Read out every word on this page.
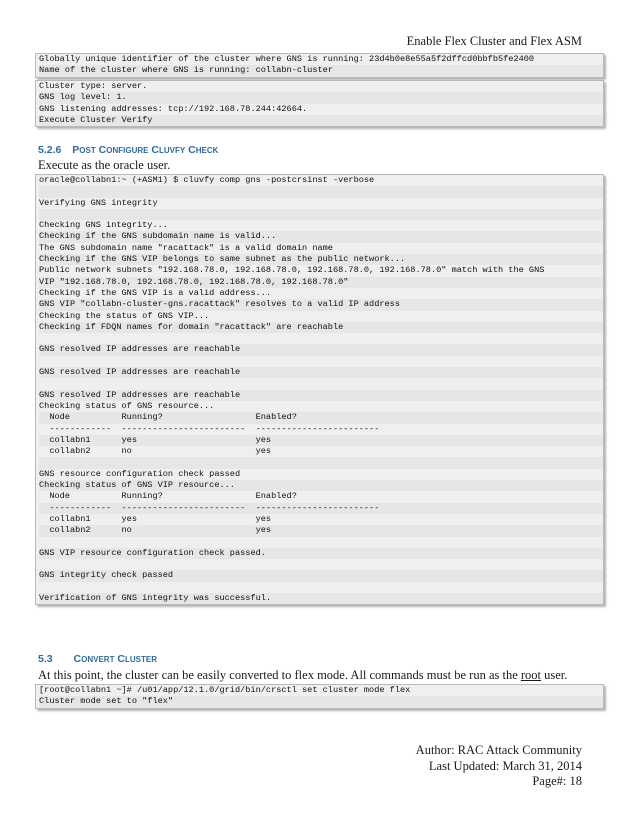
Enable Flex Cluster and Flex ASM
Globally unique identifier of the cluster where GNS is running: 23d4b0e8e55a5f2dffcd0bbfb5fe2400
Name of the cluster where GNS is running: collabn-cluster
Cluster type: server.
GNS log level: 1.
GNS listening addresses: tcp://192.168.78.244:42664.
Execute Cluster Verify
5.2.6 POST CONFIGURE CLUVFY CHECK
Execute as the oracle user.
oracle@collabn1:~ (+ASM1) $ cluvfy comp gns -postcrsinst -verbose
Verifying GNS integrity
Checking GNS integrity...
Checking if the GNS subdomain name is valid...
The GNS subdomain name "racattack" is a valid domain name
Checking if the GNS VIP belongs to same subnet as the public network...
Public network subnets "192.168.78.0, 192.168.78.0, 192.168.78.0, 192.168.78.0" match with the GNS
VIP "192.168.78.0, 192.168.78.0, 192.168.78.0, 192.168.78.0"
Checking if the GNS VIP is a valid address...
GNS VIP "collabn-cluster-gns.racattack" resolves to a valid IP address
Checking the status of GNS VIP...
Checking if FDQN names for domain "racattack" are reachable
GNS resolved IP addresses are reachable
GNS resolved IP addresses are reachable
GNS resolved IP addresses are reachable
Checking status of GNS resource...
Node          Running?                  Enabled?
------------  ------------------------  ------------------------
collabn1      yes                       yes
collabn2      no                        yes
GNS resource configuration check passed
Checking status of GNS VIP resource...
Node          Running?                  Enabled?
------------  ------------------------  ------------------------
collabn1      yes                       yes
collabn2      no                        yes
GNS VIP resource configuration check passed.
GNS integrity check passed
Verification of GNS integrity was successful.
5.3 CONVERT CLUSTER
At this point, the cluster can be easily converted to flex mode. All commands must be run as the root user.
[root@collabn1 ~]# /u01/app/12.1.0/grid/bin/crsctl set cluster mode flex
Cluster mode set to "flex"
Author: RAC Attack Community
Last Updated: March 31, 2014
Page#: 18
